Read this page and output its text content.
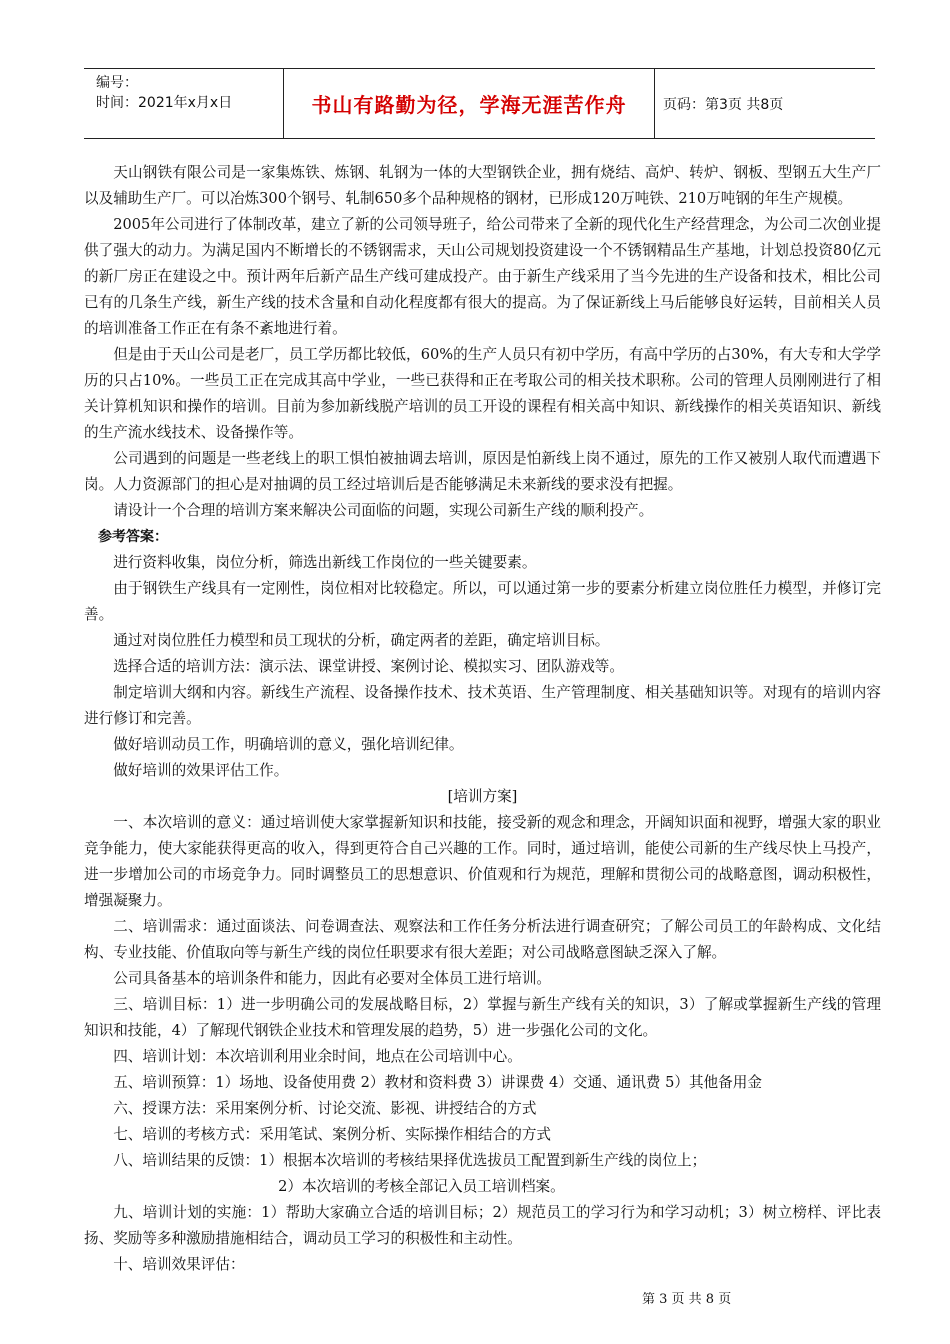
编号：
时间：2021年x月x日	书山有路勤为径，学海无涯苦作舟	页码：第3页 共8页

天山钢铁有限公司是一家集炼铁、炼钢、轧钢为一体的大型钢铁企业，拥有烧结、高炉、转炉、钢板、型钢五大生产厂以及辅助生产厂。可以冶炼300个钢号、轧制650多个品种规格的钢材，已形成120万吨铁、210万吨钢的年生产规模。

2005年公司进行了体制改革，建立了新的公司领导班子，给公司带来了全新的现代化生产经营理念，为公司二次创业提供了强大的动力。为满足国内不断增长的不锈钢需求，天山公司规划投资建设一个不锈钢精品生产基地，计划总投资80亿元的新厂房正在建设之中。预计两年后新产品生产线可建成投产。由于新生产线采用了当今先进的生产设备和技术，相比公司已有的几条生产线，新生产线的技术含量和自动化程度都有很大的提高。为了保证新线上马后能够良好运转，目前相关人员的培训准备工作正在有条不紊地进行着。

但是由于天山公司是老厂，员工学历都比较低，60%的生产人员只有初中学历，有高中学历的占30%，有大专和大学学历的只占10%。一些员工正在完成其高中学业，一些已获得和正在考取公司的相关技术职称。公司的管理人员刚刚进行了相关计算机知识和操作的培训。目前为参加新线脱产培训的员工开设的课程有相关高中知识、新线操作的相关英语知识、新线的生产流水线技术、设备操作等。

公司遇到的问题是一些老线上的职工惧怕被抽调去培训，原因是怕新线上岗不通过，原先的工作又被别人取代而遭遇下岗。人力资源部门的担心是对抽调的员工经过培训后是否能够满足未来新线的要求没有把握。

请设计一个合理的培训方案来解决公司面临的问题，实现公司新生产线的顺利投产。

参考答案：

进行资料收集，岗位分析，筛选出新线工作岗位的一些关键要素。

由于钢铁生产线具有一定刚性，岗位相对比较稳定。所以，可以通过第一步的要素分析建立岗位胜任力模型，并修订完善。

通过对岗位胜任力模型和员工现状的分析，确定两者的差距，确定培训目标。

选择合适的培训方法：演示法、课堂讲授、案例讨论、模拟实习、团队游戏等。

制定培训大纲和内容。新线生产流程、设备操作技术、技术英语、生产管理制度、相关基础知识等。对现有的培训内容进行修订和完善。

做好培训动员工作，明确培训的意义，强化培训纪律。

做好培训的效果评估工作。

[培训方案]

一、本次培训的意义：通过培训使大家掌握新知识和技能，接受新的观念和理念，开阔知识面和视野，增强大家的职业竞争能力，使大家能获得更高的收入，得到更符合自己兴趣的工作。同时，通过培训，能使公司新的生产线尽快上马投产，进一步增加公司的市场竞争力。同时调整员工的思想意识、价值观和行为规范，理解和贯彻公司的战略意图，调动积极性，增强凝聚力。

二、培训需求：通过面谈法、问卷调查法、观察法和工作任务分析法进行调查研究；了解公司员工的年龄构成、文化结构、专业技能、价值取向等与新生产线的岗位任职要求有很大差距；对公司战略意图缺乏深入了解。

公司具备基本的培训条件和能力，因此有必要对全体员工进行培训。

三、培训目标：1）进一步明确公司的发展战略目标，2）掌握与新生产线有关的知识，3）了解或掌握新生产线的管理知识和技能，4）了解现代钢铁企业技术和管理发展的趋势，5）进一步强化公司的文化。

四、培训计划：本次培训利用业余时间，地点在公司培训中心。

五、培训预算：1）场地、设备使用费 2）教材和资料费 3）讲课费 4）交通、通讯费 5）其他备用金

六、授课方法：采用案例分析、讨论交流、影视、讲授结合的方式

七、培训的考核方式：采用笔试、案例分析、实际操作相结合的方式

八、培训结果的反馈：1）根据本次培训的考核结果择优选拔员工配置到新生产线的岗位上；

2）本次培训的考核全部记入员工培训档案。

九、培训计划的实施：1）帮助大家确立合适的培训目标；2）规范员工的学习行为和学习动机；3）树立榜样、评比表扬、奖励等多种激励措施相结合，调动员工学习的积极性和主动性。

十、培训效果评估：

第 3 页 共 8 页
